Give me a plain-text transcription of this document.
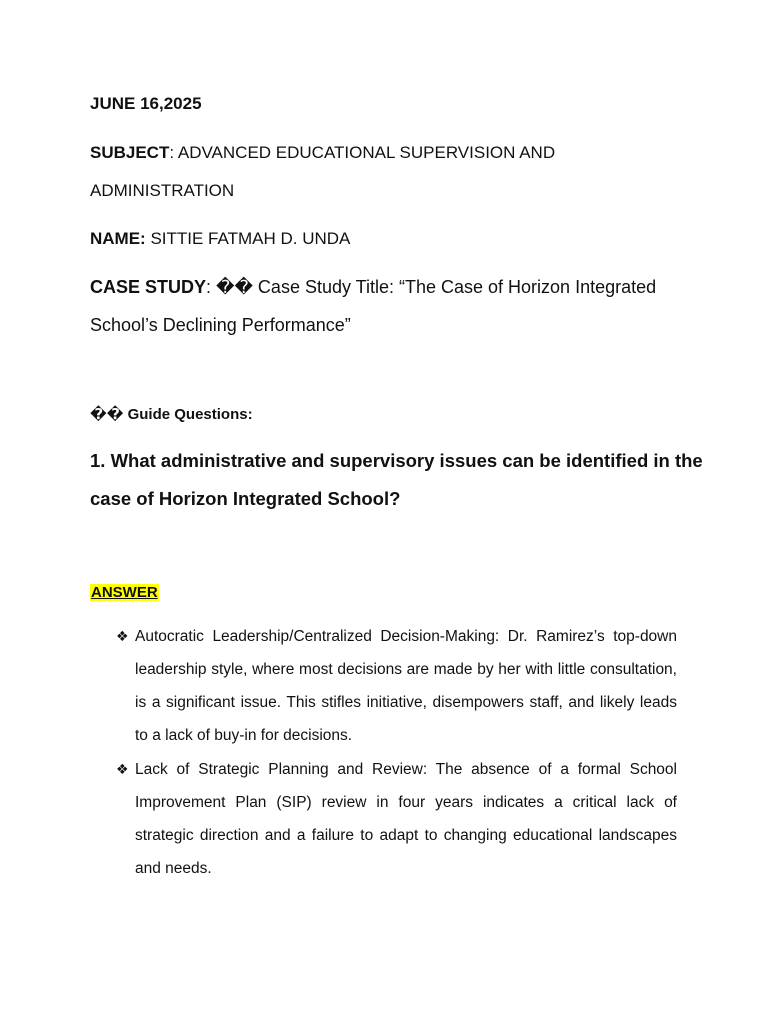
JUNE 16,2025
SUBJECT: ADVANCED EDUCATIONAL SUPERVISION AND
ADMINISTRATION
NAME: SITTIE FATMAH D. UNDA
CASE STUDY: �� Case Study Title: “The Case of Horizon Integrated
School’s Declining Performance”
�� Guide Questions:
1. What administrative and supervisory issues can be identified in the
case of Horizon Integrated School?
ANSWER
❖ Autocratic Leadership/Centralized Decision-Making: Dr. Ramirez’s top-down leadership style, where most decisions are made by her with little consultation, is a significant issue. This stifles initiative, disempowers staff, and likely leads to a lack of buy-in for decisions.
❖ Lack of Strategic Planning and Review: The absence of a formal School Improvement Plan (SIP) review in four years indicates a critical lack of strategic direction and a failure to adapt to changing educational landscapes and needs.
